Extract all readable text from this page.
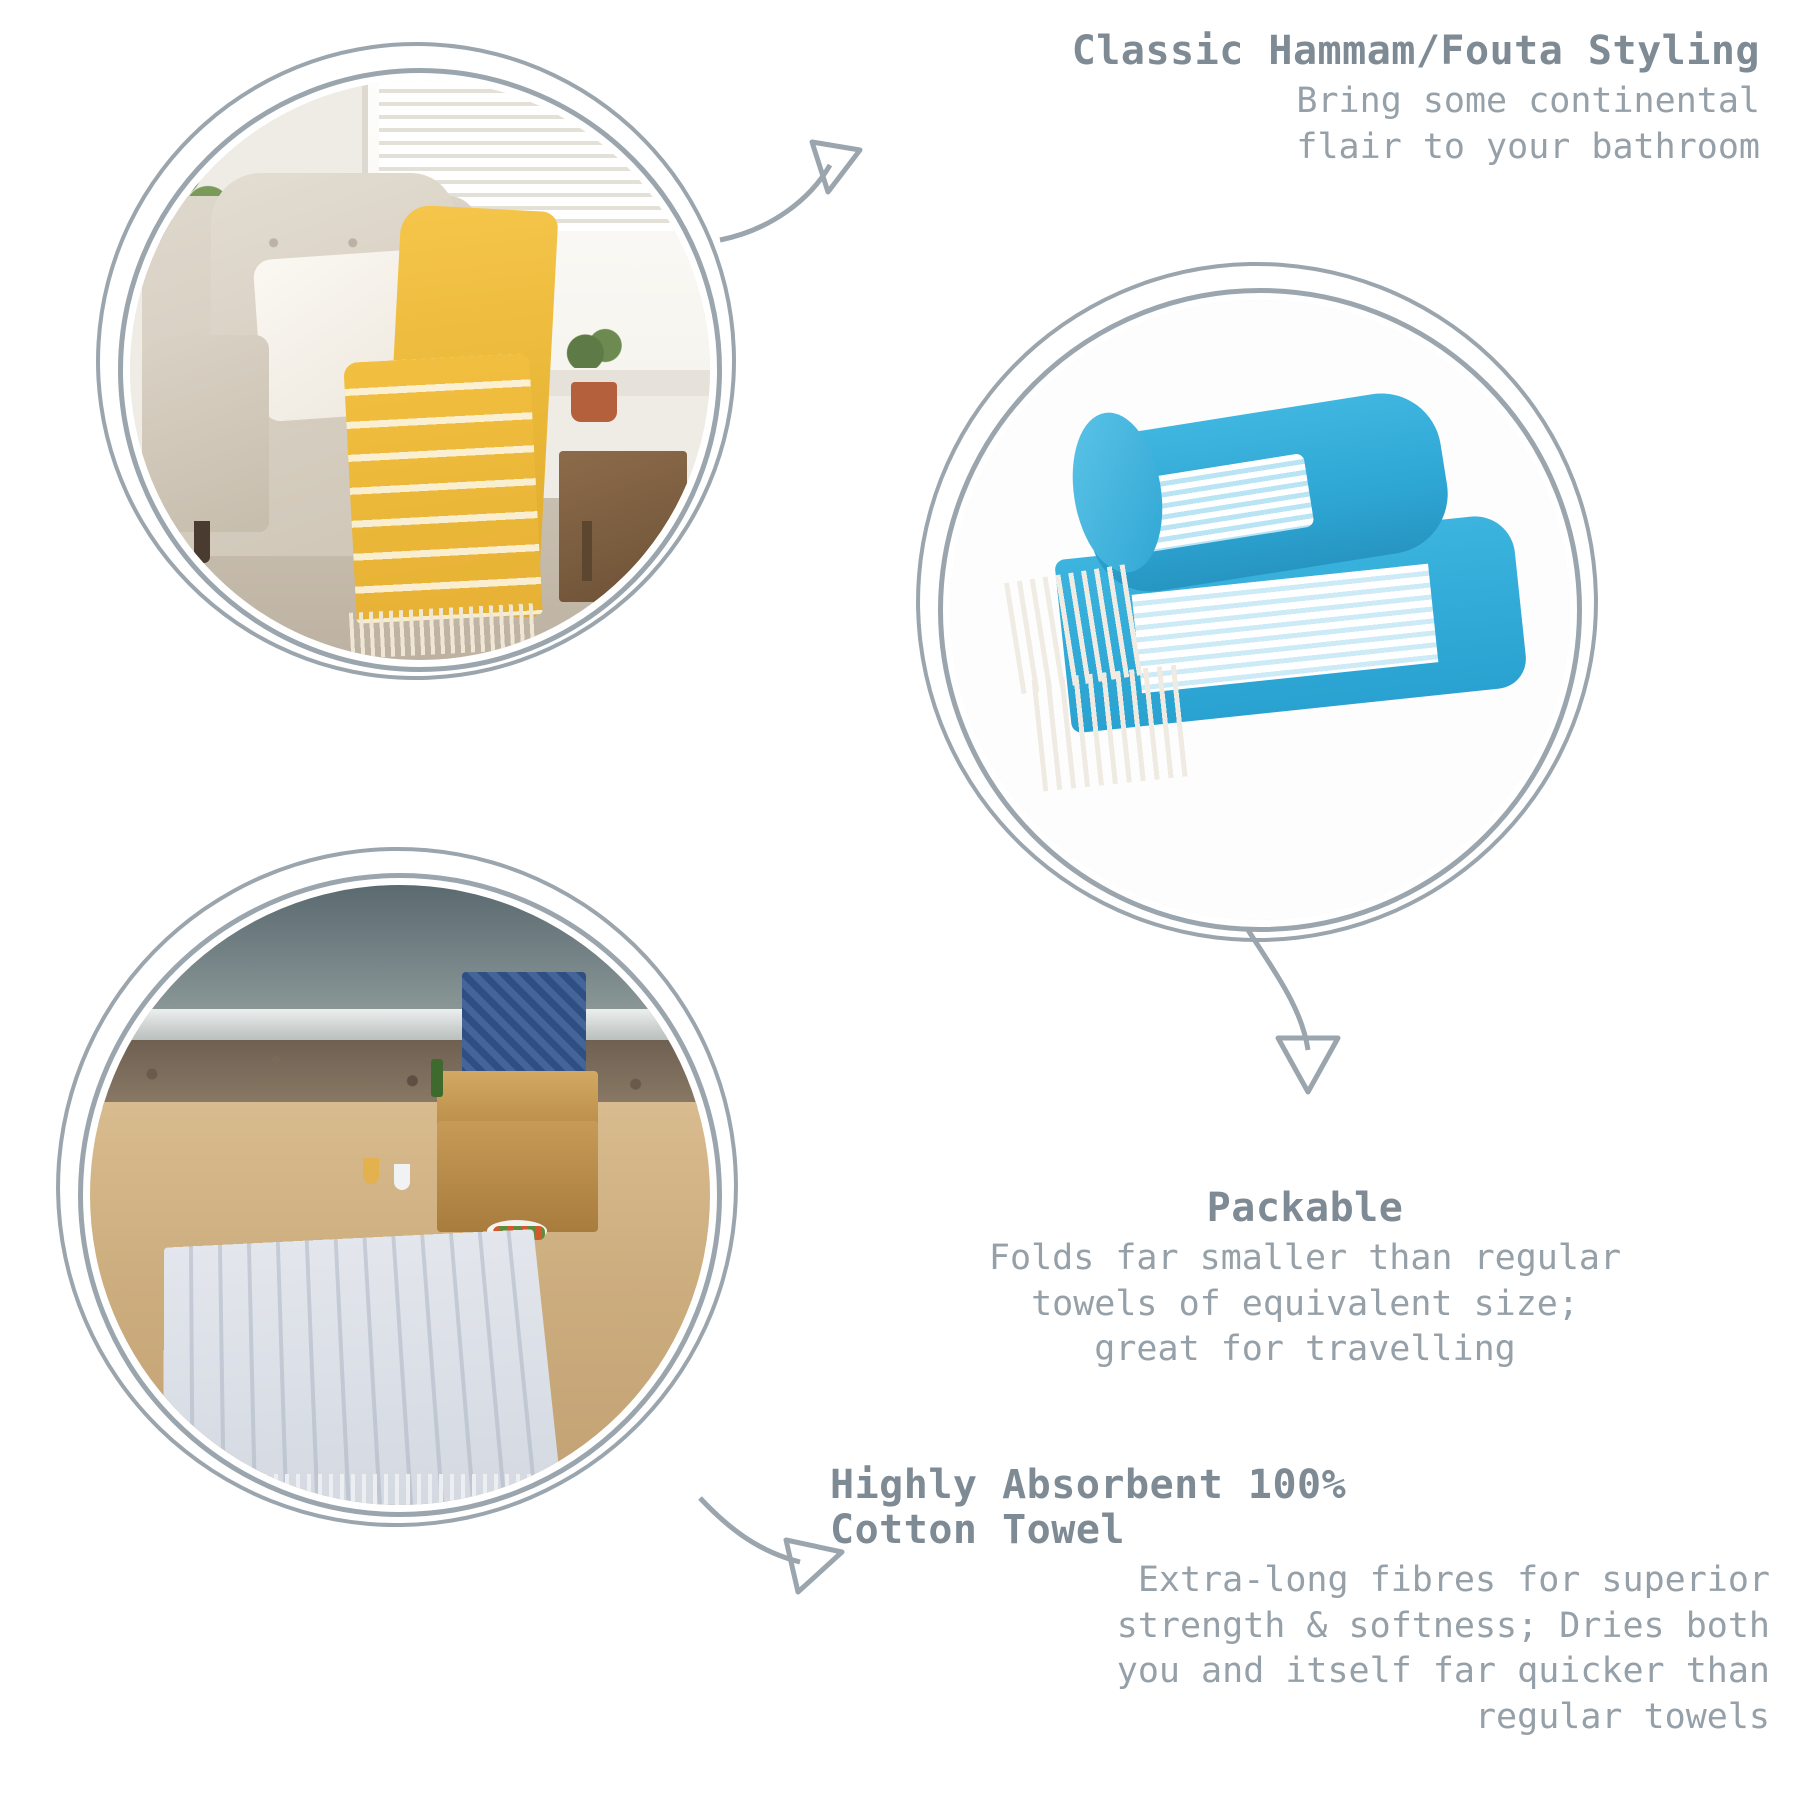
Classic Hammam/Fouta Styling

Bring some continental

flair to your bathroom

Packable

Folds far smaller than regular

towels of equivalent size;

great for travelling

Highly Absorbent 100%
Cotton Towel

Extra-long fibres for superior

strength & softness; Dries both

you and itself far quicker than

regular towels
